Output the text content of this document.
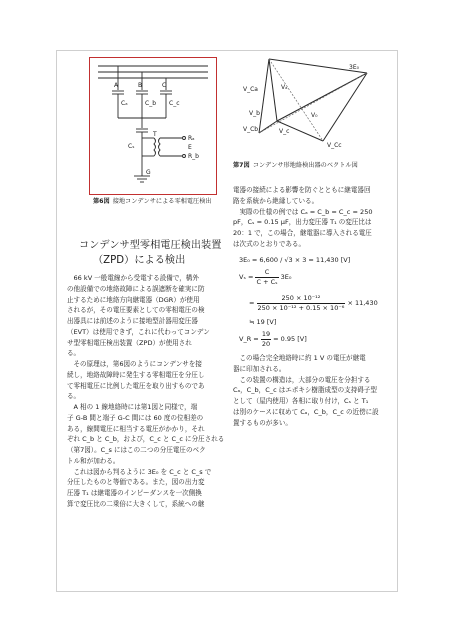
A	B	C
Cₐ	C_b C_c
Cₛ
T
Rₐ
R_b
E
G
第6図 接地コンデンサによる零相電圧検出
3E₀
Vₐ
V_Ca
V_b
V_c
V_Cb
V_Cc
V₀
第7図 コンデンサ形地絡検出器のベクトル図
コンデンサ型零相電圧検出装置
（ZPD）による検出

66 kV 一般電線から受電する設備で，構外

の他設備での地絡故障による誤遮断を確実に防

止するために地絡方向継電器（DGR）が使用

されるが，その電圧要素としての零相電圧の検

出器具には前述のように接地型計器用変圧器

（EVT）は使用できず，これに代わってコンデン

サ型零相電圧検出装置（ZPD）が使用され

る。

その原理は，第6図のようにコンデンサを接

続し，地絡故障時に発生する零相電圧を分圧し

て零相電圧に比例した電圧を取り出すものであ

る。

A 相の 1 線地絡時には第1図と同様で，端

子 G-B 間と端子 G-C 間には 60 度の位相差の

ある，線間電圧に相当する電圧がかかり，それ

ぞれ C_b と C_b，および，C_c と C_c に分圧される

（第7図）。C_s にはこの二つの分圧電圧のベク

トル和が加わる。

これは図から判るように 3E₀ を C_c と C_s で

分圧したものと等価である。また，図の出力変

圧器 T₁ は継電器のインピーダンスを一次側換

算で変圧比の二乗倍に大きくして，系統への継

電器の接続による影響を防ぐとともに継電器回

路を系統から絶縁している。

実際の仕様の例では Cₐ = C_b = C_c = 250

pF，Cₛ = 0.15 μF，出力変圧器 T₁ の変圧比は

20：1 で，この場合，継電器に導入される電圧

は次式のとおりである。

3E₀ = 6,600 / √3 × 3 = 11,430 [V]
$V_s = \frac{C}{\text{C + Cₛ}} 3E_0$
= $\frac{\text{250 × 10⁻¹²}}{\text{250 × 10⁻¹² + 0.15 × 10⁻⁶}} \times 11,430$
≒ 19 [V]
V_R = $\frac{19}{20} = 0.95$ [V]

この場合完全地絡時に約 1 V の電圧が継電

器に印加される。

この装置の構造は，大部分の電圧を分担する

Cₐ，C_b，C_c はエポキシ樹脂成型の支持碍子型

として（屋内使用）各相に取り付け，Cₛ と T₁

は別のケースに収めて Cₐ，C_b，C_c の近傍に設

置するものが多い。
